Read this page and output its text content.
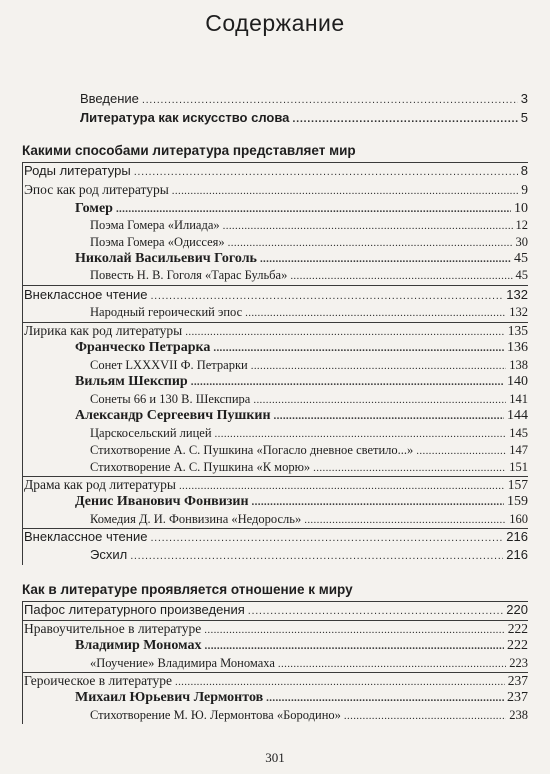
Содержание
Введение . . .	3
Литература как искусство слова . . .	5
Какими способами литература представляет мир
Роды литературы . . .	8
Эпос как род литературы . . .	9
Гомер . . .	10
Поэма Гомера «Илиада» . . .	12
Поэма Гомера «Одиссея» . . .	30
Николай Васильевич Гоголь . . .	45
Повесть Н. В. Гоголя «Тарас Бульба» . . .	45
Внеклассное чтение . . .	132
Народный героический эпос . . .	132
Лирика как род литературы . . .	135
Франческо Петрарка . . .	136
Сонет LXXXVII Ф. Петрарки . . .	138
Вильям Шекспир . . .	140
Сонеты 66 и 130 В. Шекспира . . .	141
Александр Сергеевич Пушкин . . .	144
Царскосельский лицей . . .	145
Стихотворение А. С. Пушкина «Погасло дневное светило...» . . .	147
Стихотворение А. С. Пушкина «К морю» . . .	151
Драма как род литературы . . .	157
Денис Иванович Фонвизин . . .	159
Комедия Д. И. Фонвизина «Недоросль» . . .	160
Внеклассное чтение . . .	216
Эсхил . . .	216
Как в литературе проявляется отношение к миру
Пафос литературного произведения . . .	220
Нравоучительное в литературе . . .	222
Владимир Мономах . . .	222
«Поучение» Владимира Мономаха . . .	223
Героическое в литературе . . .	237
Михаил Юрьевич Лермонтов . . .	237
Стихотворение М. Ю. Лермонтова «Бородино» . . .	238
301
